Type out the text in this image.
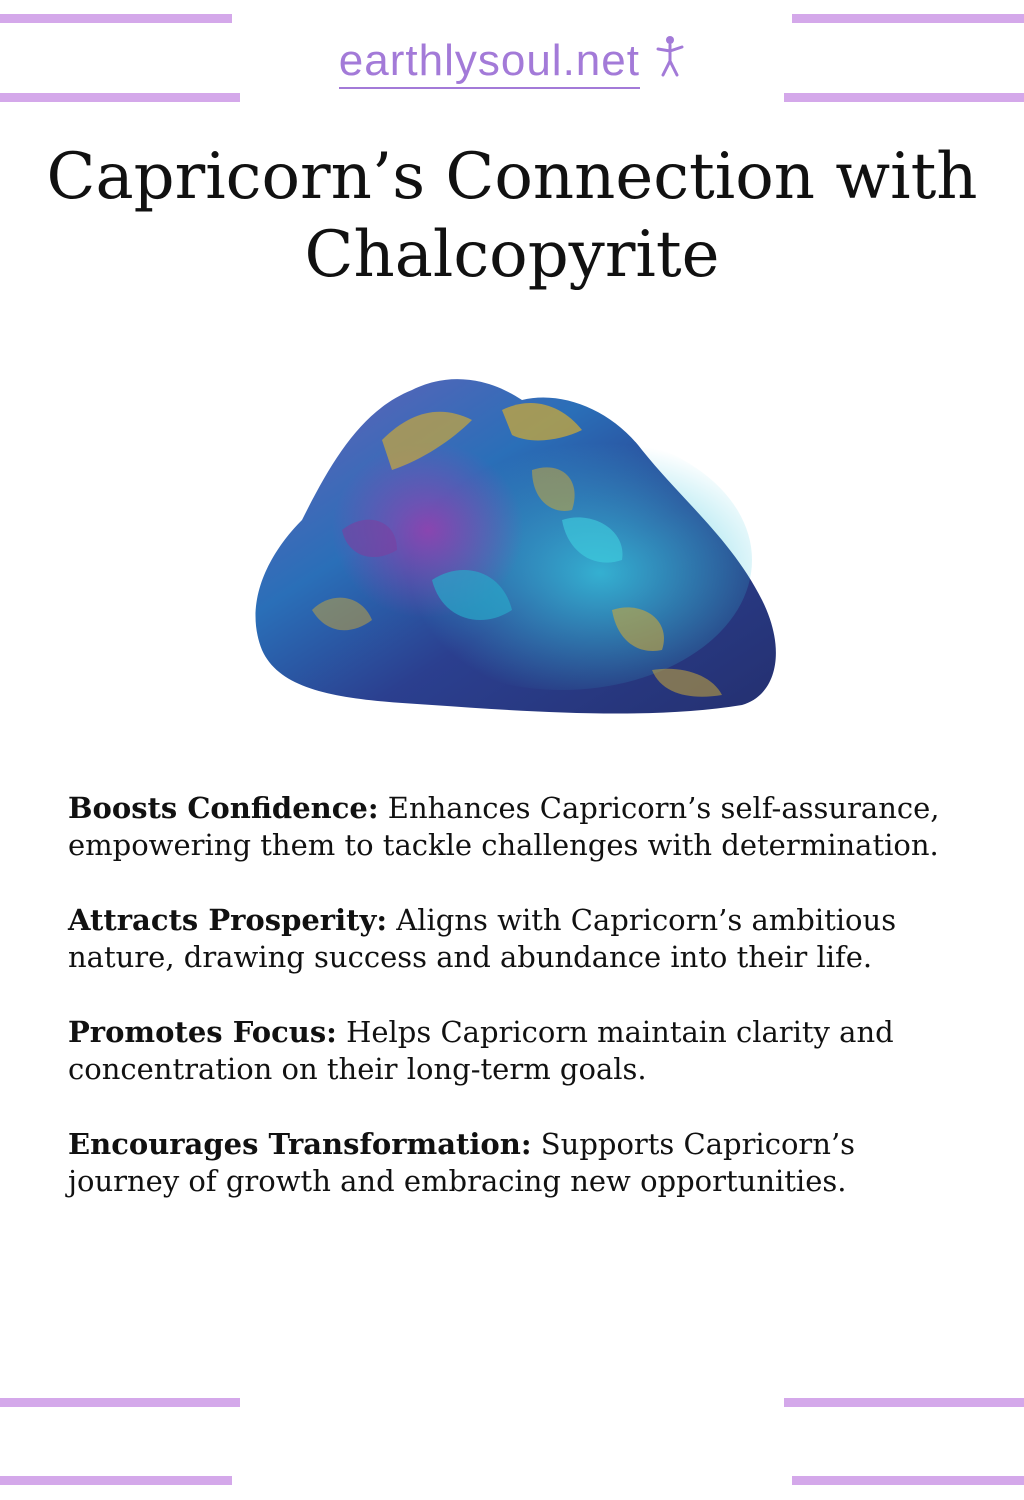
earthlysoul.net
Capricorn’s Connection with Chalcopyrite

Boosts Confidence: Enhances Capricorn’s self-assurance, empowering them to tackle challenges with determination.

Attracts Prosperity: Aligns with Capricorn’s ambitious nature, drawing success and abundance into their life.

Promotes Focus: Helps Capricorn maintain clarity and concentration on their long-term goals.

Encourages Transformation: Supports Capricorn’s journey of growth and embracing new opportunities.
